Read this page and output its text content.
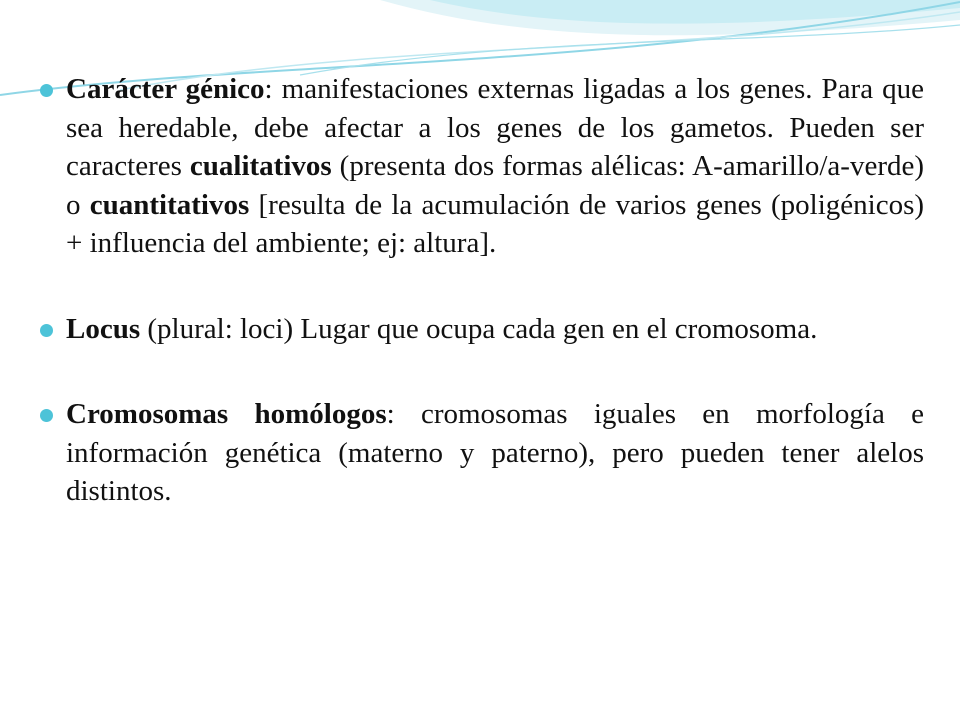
Carácter génico: manifestaciones externas ligadas a los genes. Para que sea heredable, debe afectar a los genes de los gametos. Pueden ser caracteres cualitativos (presenta dos formas alélicas: A-amarillo/a-verde) o cuantitativos [resulta de la acumulación de varios genes (poligénicos) + influencia del ambiente; ej: altura].
Locus (plural: loci) Lugar que ocupa cada gen en el cromosoma.
Cromosomas homólogos: cromosomas iguales en morfología e información genética (materno y paterno), pero pueden tener alelos distintos.
